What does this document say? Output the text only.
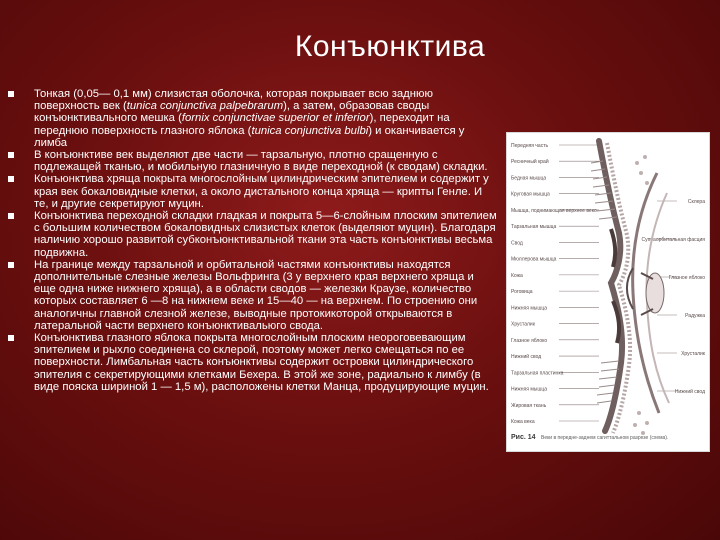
Конъюнктива
Тонкая (0,05— 0,1 мм) слизистая оболочка, которая покрывает всю заднюю поверхность век (tunica conjunctiva palpebrarum), а затем, образовав своды конъюнктивального мешка (fornix conjunctivae superior et inferior), переходит на переднюю поверхность глазного яблока (tunica conjunctiva bulbi) и оканчивается у лимба
В конъюнктиве век выделяют две части — тарзальную, плотно сращенную с подлежащей тканью, и мобильную глазничную в виде переходной (к сводам) складки.
Конъюнктива хряща покрыта многослойным цилиндрическим эпителием и содержит у края век бокаловидные клетки, а около дистального конца хряща — крипты Генле. И те, и другие секретируют муцин.
Конъюнктива переходной складки гладкая и покрыта 5—6-слойным плоским эпителием с большим количеством бокаловидных слизистых клеток (выделяют муцин). Благодаря наличию хорошо развитой субконъюнктивальной ткани эта часть конъюнктивы весьма подвижна.
На границе между тарзальной и орбитальной частями конъюнктивы находятся дополнительные слезные железы Вольфринга (3 у верхнего края верхнего хряща и еще одна ниже нижнего хряща), а в области сводов — железки Краузе, количество которых составляет 6 —8 на нижнем веке и 15—40 — на верхнем. По строению они аналогичны главной слезной железе, выводные протокикоторой открываются в латеральной части верхнего конъюнктивальюго свода.
Конъюнктива глазного яблока покрыта многослойным плоским неороговевающим эпителием и рыхло соединена со склерой, поэтому может легко смещаться по ее поверхности. Лимбальная часть конъюнктивы содержит островки цилиндрического эпителия с секретирующими клетками Бехера. В этой же зоне, радиально к лимбу (в виде пояска шириной 1 — 1,5 м), расположены клетки Манца, продуцирующие муцин.
Передняя часть
Ресничный край
Бедная мышца
Круговая мышца
Мышца, поднимающая верхнее веко
Тарзальная мышца
Свод
Мюллерова мышца
Кожа
Роговица
Нижняя мышца
Хрусталик
Глазное яблоко
Нижний свод
Тарзальная пластинка
Нижняя мышца
Жировая ткань
Кожа века
Склера
Супраорбитальная фасция
Глазное яблоко
Радужка
Хрусталик
Нижний свод
Рис. 14 Веки в передне-заднем сагиттальном разрезе (схема).
